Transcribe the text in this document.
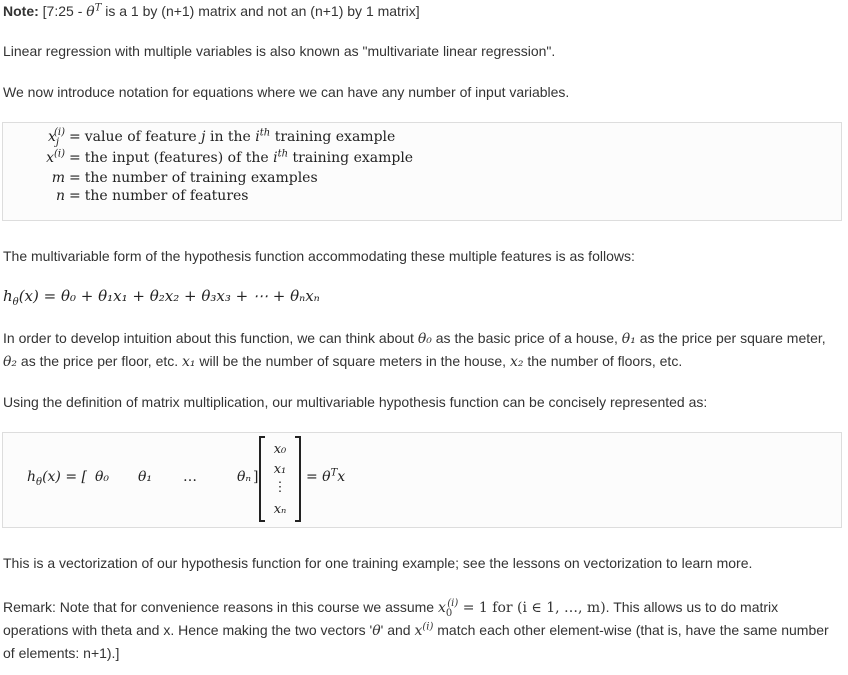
Note: [7:25 - $\theta^T$ is a 1 by (n+1) matrix and not an (n+1) by 1 matrix]

Linear regression with multiple variables is also known as "multivariate linear regression".

We now introduce notation for equations where we can have any number of input variables.

$x_j^{(i)}$ = value of feature j in the $i^{th}$ training example
$x^{(i)}$ = the input (features) of the $i^{th}$ training example
m = the number of training examples
n = the number of features

The multivariable form of the hypothesis function accommodating these multiple features is as follows:

$h_\theta(x) = \theta_0 + \theta_1x_1 + \theta_2x_2 + \theta_3x_3$ + ⋯ + θₙxₙ

In order to develop intuition about this function, we can think about θ₀ as the basic price of a house, θ₁ as the price per square meter, θ₂ as the price per floor, etc. x₁ will be the number of square meters in the house, x₂ the number of floors, etc.

Using the definition of matrix multiplication, our multivariable hypothesis function can be concisely represented as:

$h_\theta(x)$ = [ θ₀ θ₁ …	θₙ ]
x₀
x₁
⋮
xₙ
= $\theta^Tx$

This is a vectorization of our hypothesis function for one training example; see the lessons on vectorization to learn more.

Remark: Note that for convenience reasons in this course we assume $x_0^{(i)} = 1$ for (i ∈ 1, …, m). This allows us to do matrix operations with theta and x. Hence making the two vectors 'θ' and $x^{(i)}$ match each other element-wise (that is, have the same number of elements: n+1).]
